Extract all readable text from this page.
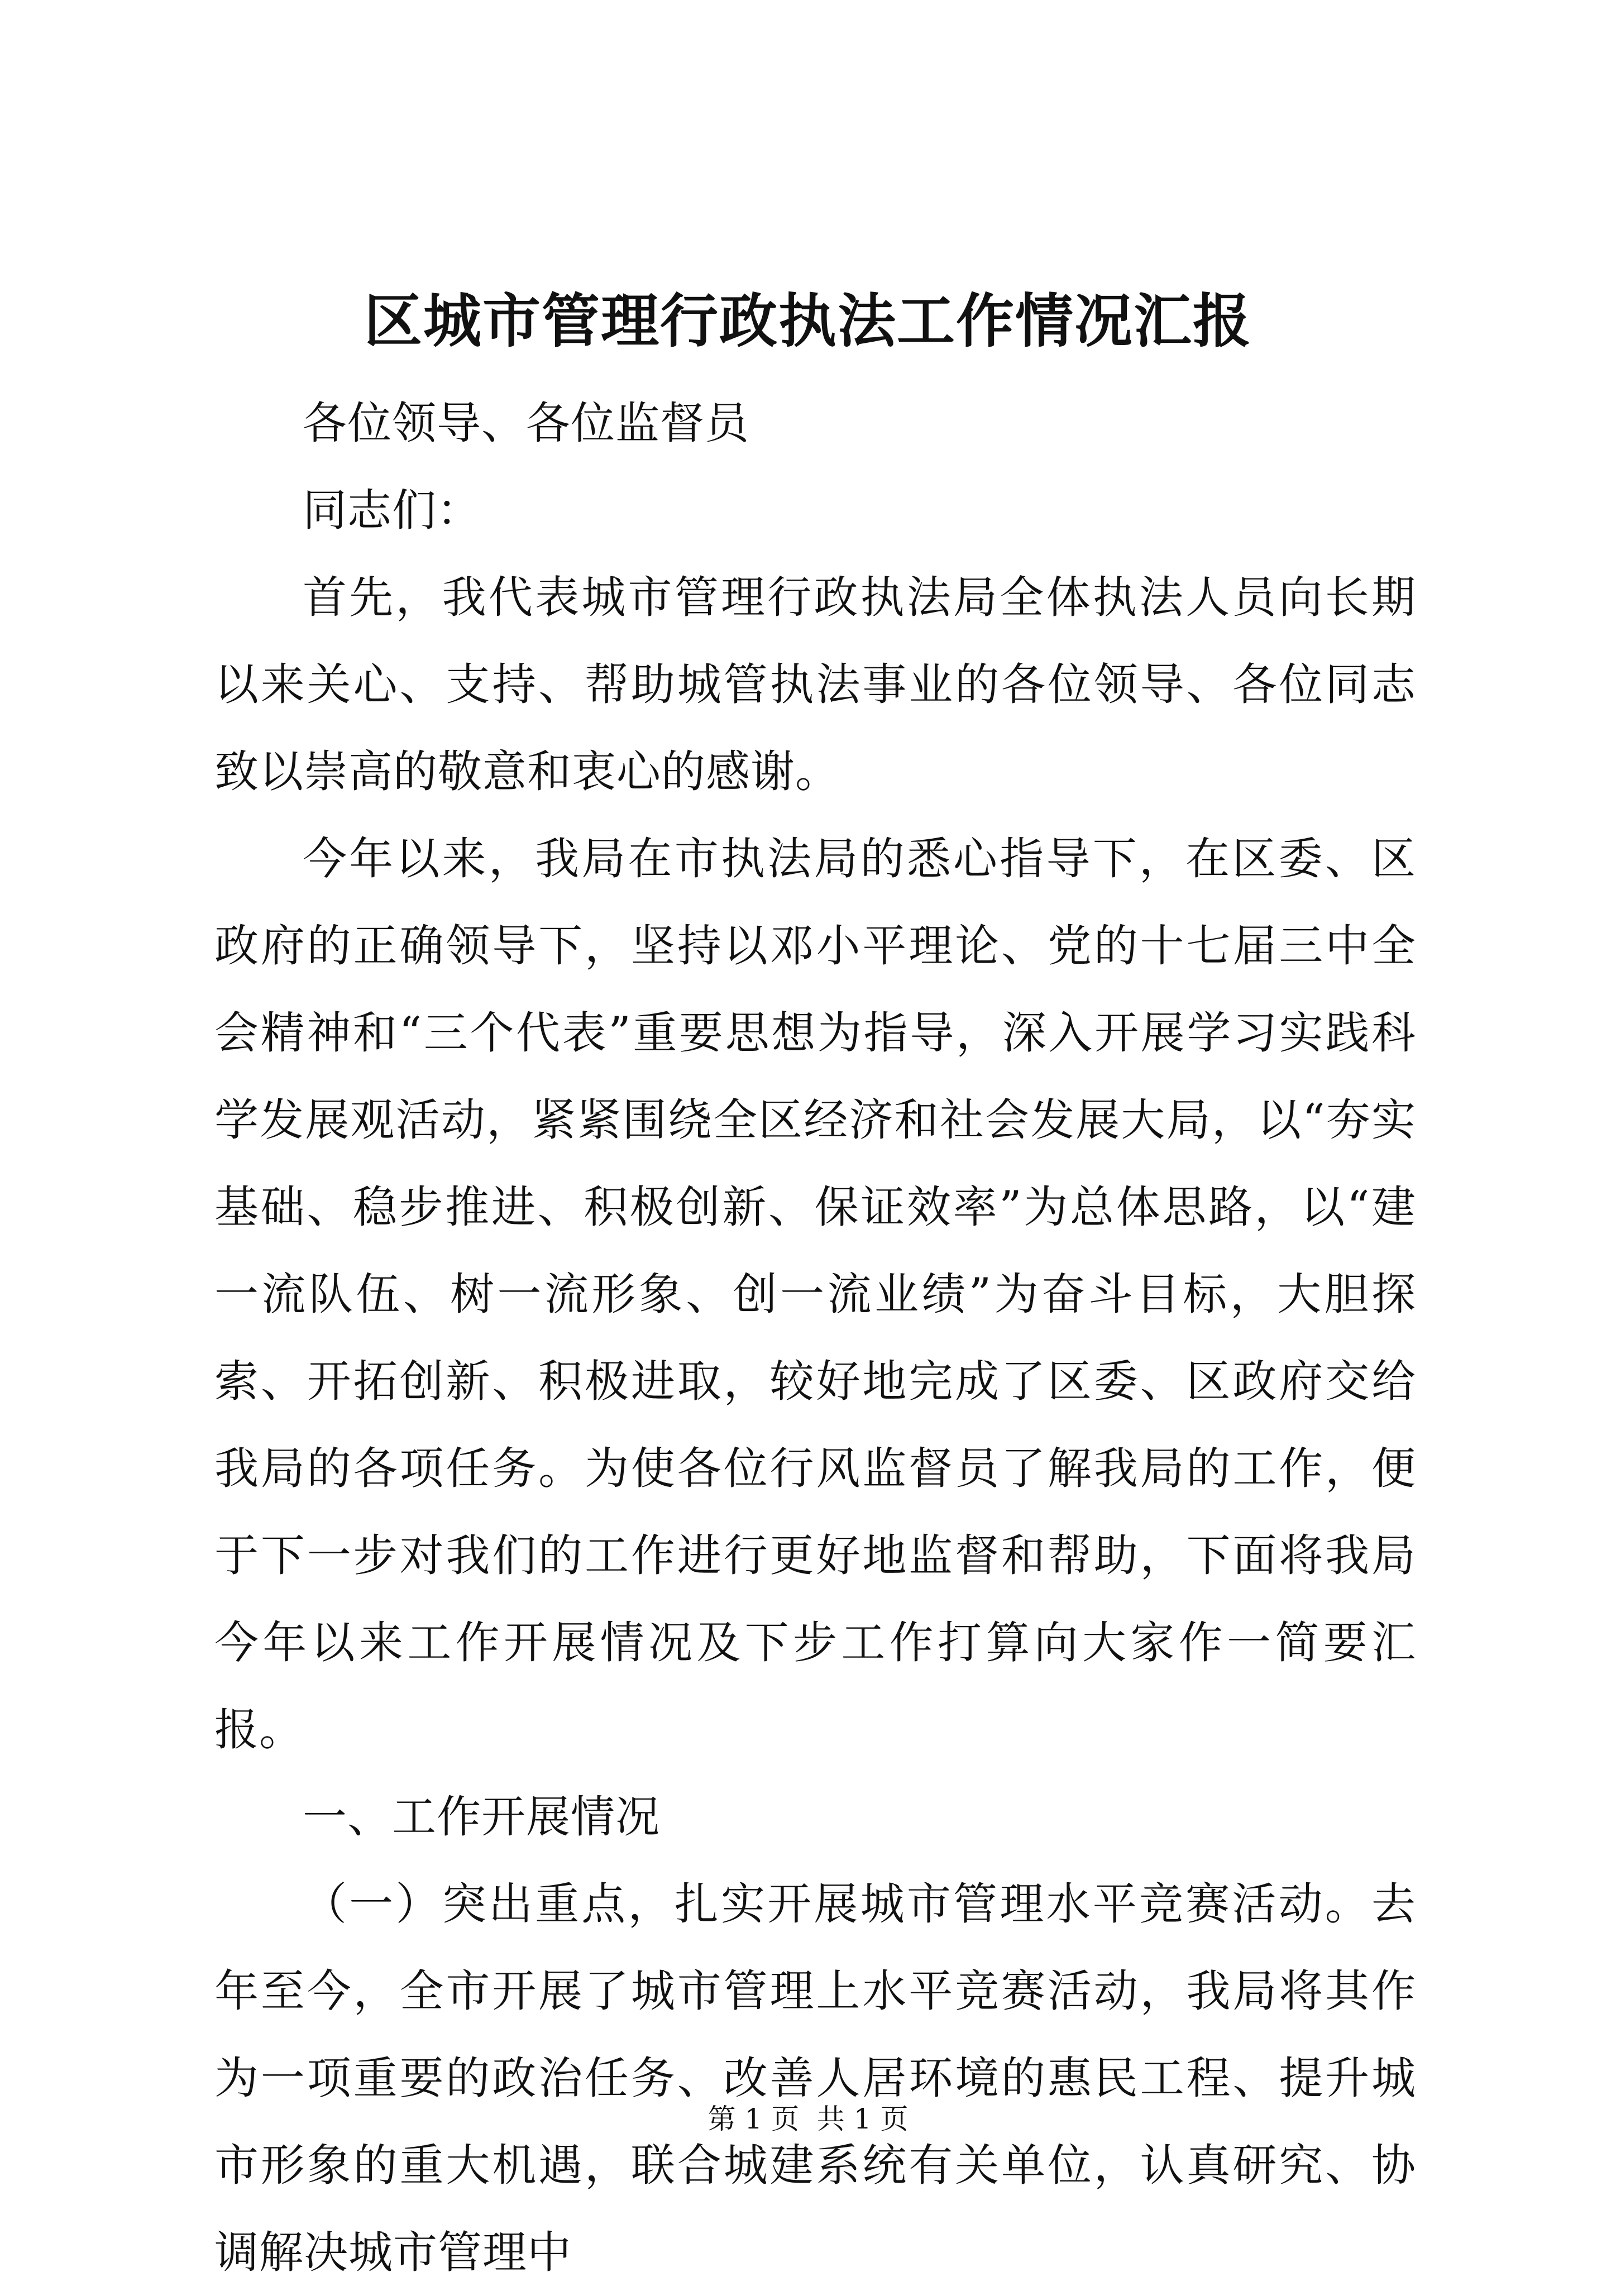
区城市管理行政执法工作情况汇报

各位领导、各位监督员

同志们：

首先，我代表城市管理行政执法局全体执法人员向长期以来关心、支持、帮助城管执法事业的各位领导、各位同志致以崇高的敬意和衷心的感谢。

今年以来，我局在市执法局的悉心指导下，在区委、区政府的正确领导下，坚持以邓小平理论、党的十七届三中全会精神和“三个代表”重要思想为指导，深入开展学习实践科学发展观活动，紧紧围绕全区经济和社会发展大局，以“夯实基础、稳步推进、积极创新、保证效率”为总体思路，以“建一流队伍、树一流形象、创一流业绩”为奋斗目标，大胆探索、开拓创新、积极进取，较好地完成了区委、区政府交给我局的各项任务。为使各位行风监督员了解我局的工作，便于下一步对我们的工作进行更好地监督和帮助，下面将我局今年以来工作开展情况及下步工作打算向大家作一简要汇报。

一、工作开展情况

（一）突出重点，扎实开展城市管理水平竞赛活动。去年至今，全市开展了城市管理上水平竞赛活动，我局将其作为一项重要的政治任务、改善人居环境的惠民工程、提升城市形象的重大机遇，联合城建系统有关单位，认真研究、协调解决城市管理中

第 1 页  共 1 页
